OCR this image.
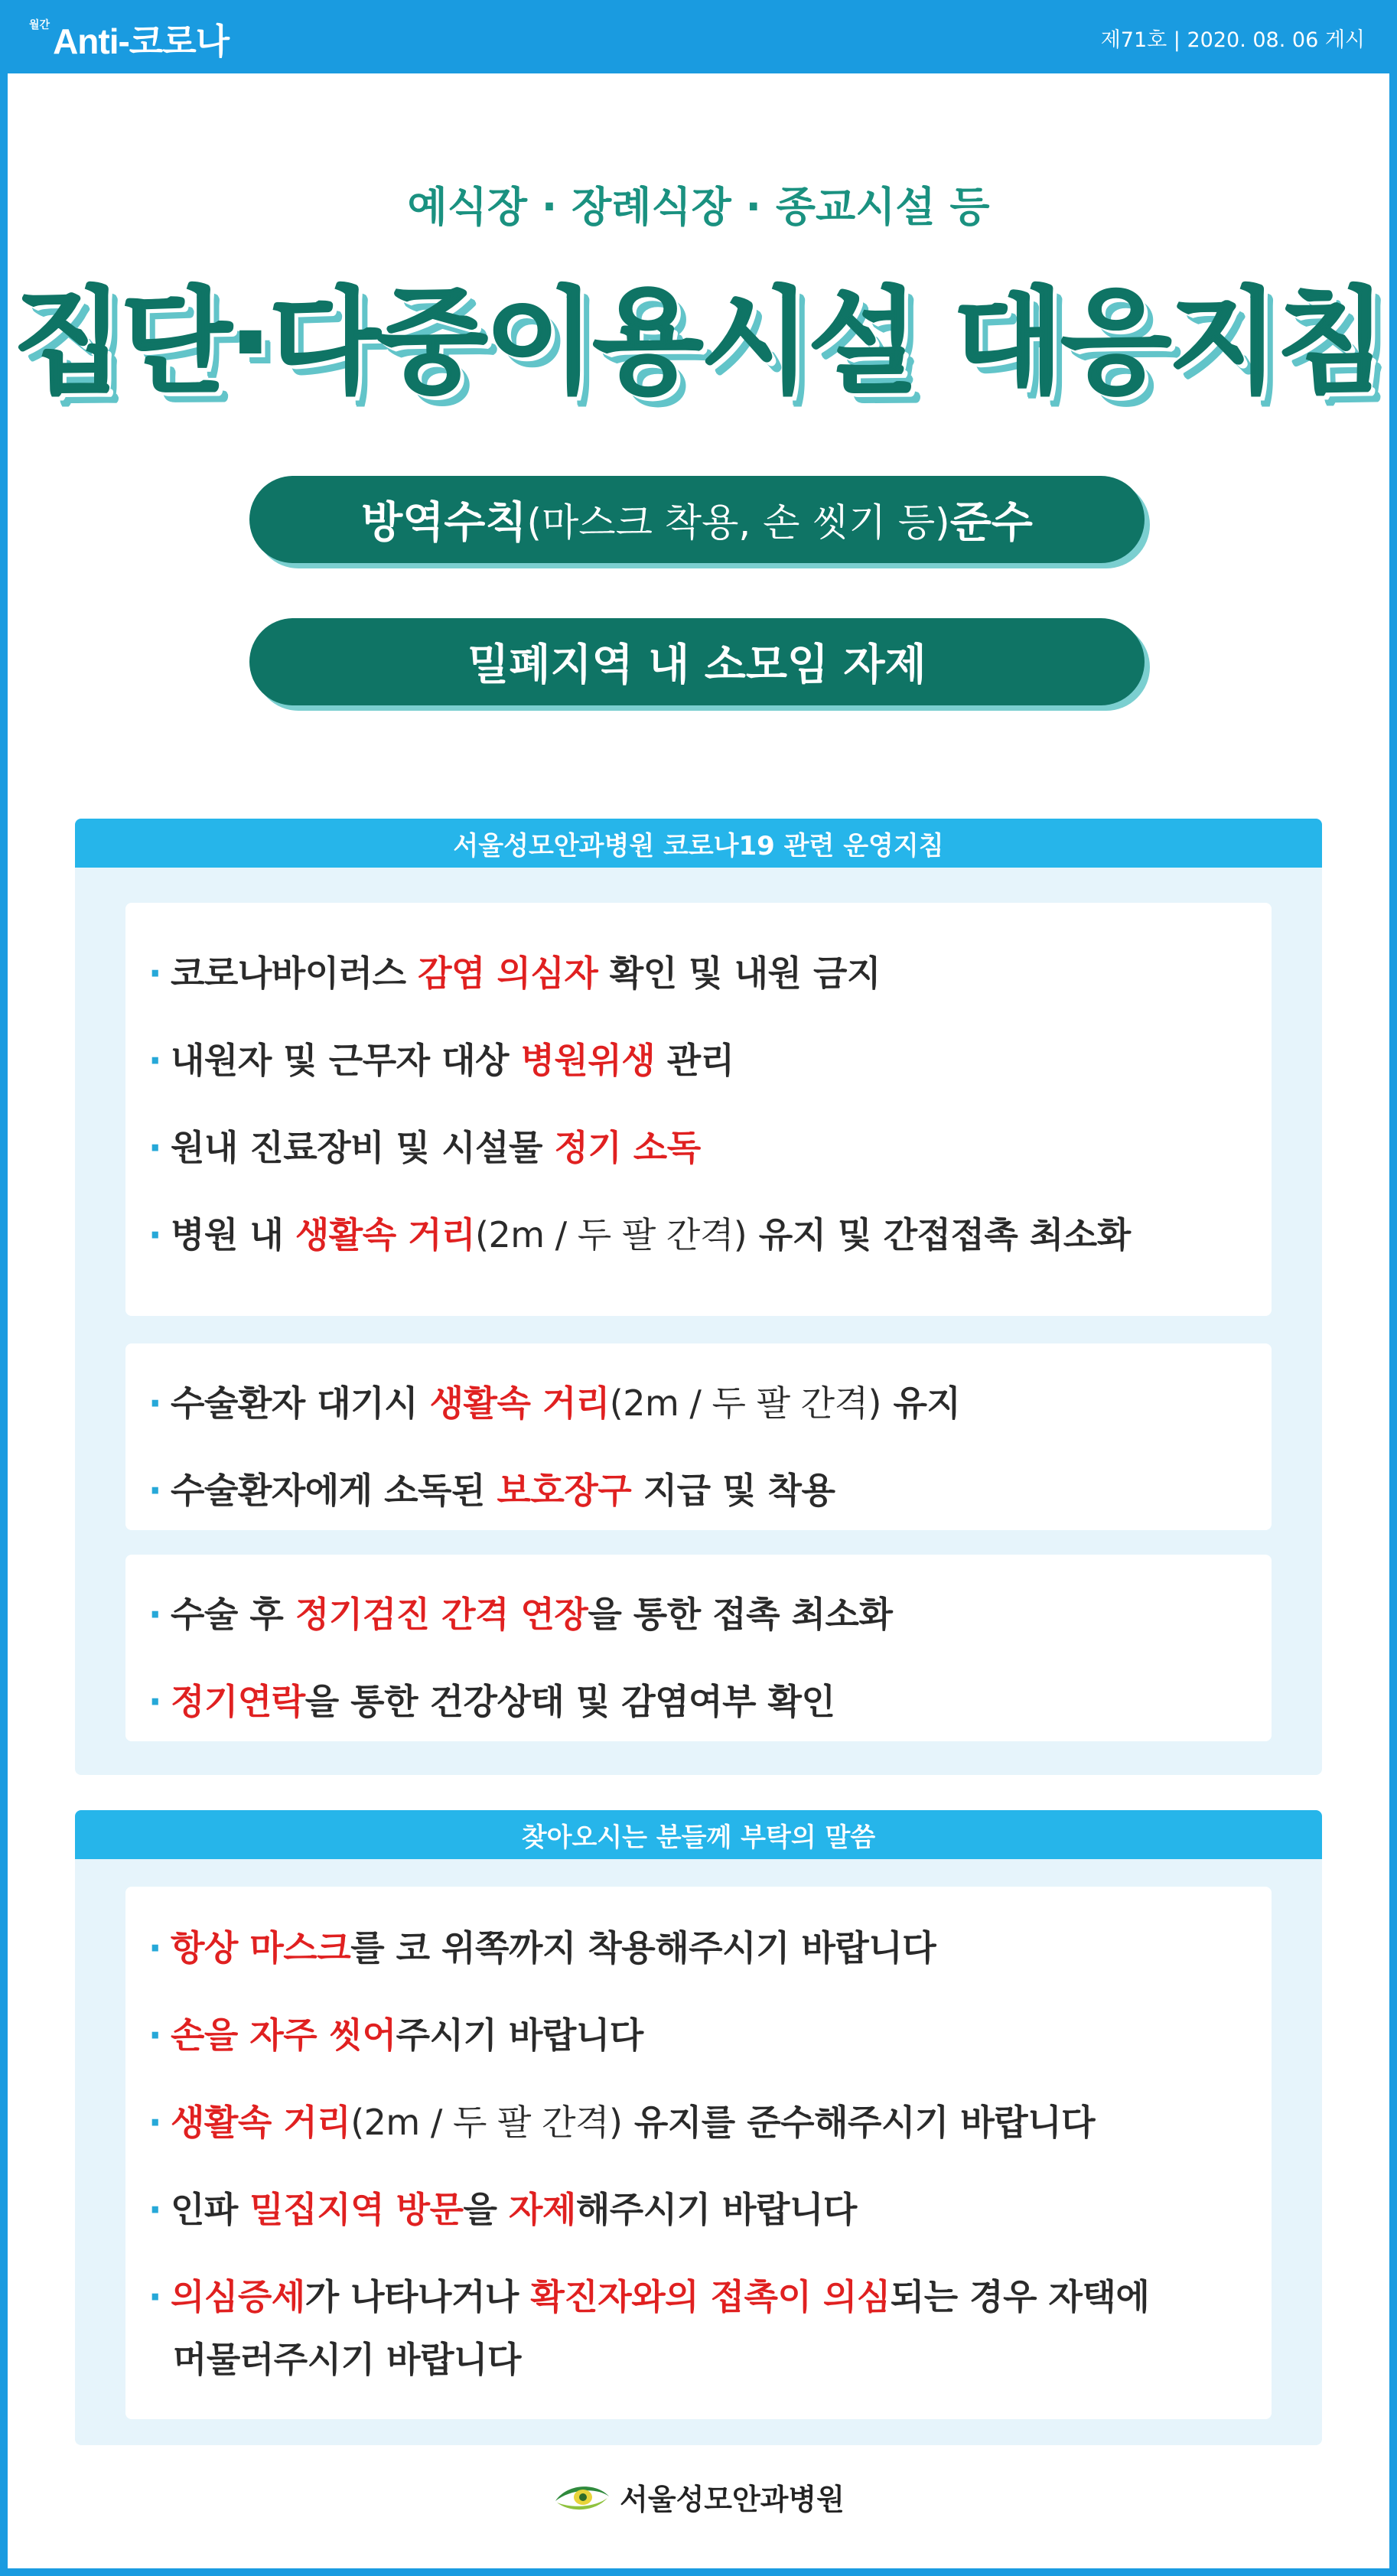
월간 Anti-코로나	제71호 | 2020. 08. 06 게시
예식장 · 장례식장 · 종교시설 등
집단·다중이용시설 대응지침
방역수칙 (마스크 착용, 손 씻기 등) 준수
밀폐지역 내 소모임 자제
서울성모안과병원 코로나19 관련 운영지침
· 코로나바이러스 감염 의심자 확인 및 내원 금지
· 내원자 및 근무자 대상 병원위생 관리
· 원내 진료장비 및 시설물 정기 소독
· 병원 내 생활속 거리(2m / 두 팔 간격) 유지 및 간접접촉 최소화
· 수술환자 대기시 생활속 거리(2m / 두 팔 간격) 유지
· 수술환자에게 소독된 보호장구 지급 및 착용
· 수술 후 정기검진 간격 연장을 통한 접촉 최소화
· 정기연락을 통한 건강상태 및 감염여부 확인
찾아오시는 분들께 부탁의 말씀
· 항상 마스크를 코 위쪽까지 착용해주시기 바랍니다
· 손을 자주 씻어주시기 바랍니다
· 생활속 거리(2m / 두 팔 간격) 유지를 준수해주시기 바랍니다
· 인파 밀집지역 방문을 자제해주시기 바랍니다
· 의심증세가 나타나거나 확진자와의 접촉이 의심되는 경우 자택에
머물러주시기 바랍니다
서울성모안과병원
